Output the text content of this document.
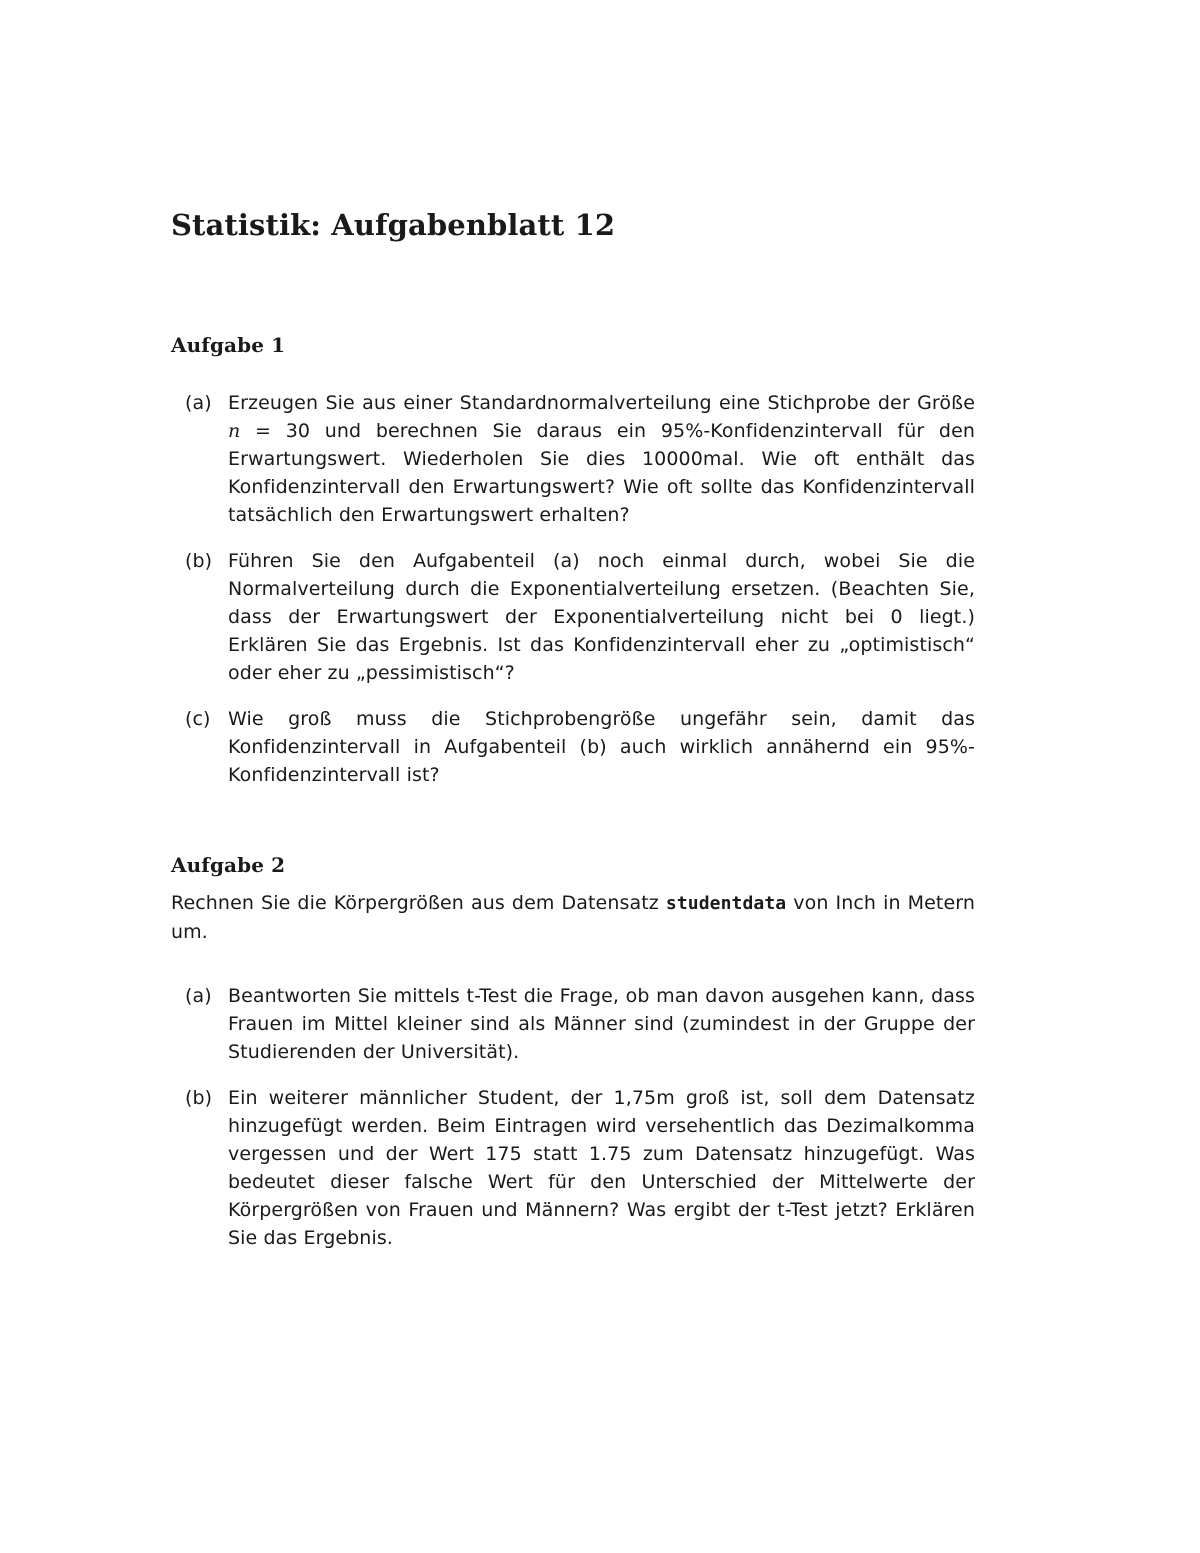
Statistik: Aufgabenblatt 12
Aufgabe 1
(a) Erzeugen Sie aus einer Standardnormalverteilung eine Stichprobe der Größe n = 30 und berechnen Sie daraus ein 95%-Konfidenzintervall für den Erwartungswert. Wiederholen Sie dies 10000mal. Wie oft enthält das Konfidenzintervall den Erwartungswert? Wie oft sollte das Konfidenzintervall tatsächlich den Erwartungswert erhalten?
(b) Führen Sie den Aufgabenteil (a) noch einmal durch, wobei Sie die Normalverteilung durch die Exponentialverteilung ersetzen. (Beachten Sie, dass der Erwartungswert der Exponentialverteilung nicht bei 0 liegt.) Erklären Sie das Ergebnis. Ist das Konfidenzintervall eher zu „optimistisch“ oder eher zu „pessimistisch“?
(c) Wie groß muss die Stichprobengröße ungefähr sein, damit das Konfidenzintervall in Aufgabenteil (b) auch wirklich annähernd ein 95%-Konfidenzintervall ist?
Aufgabe 2

Rechnen Sie die Körpergrößen aus dem Datensatz studentdata von Inch in Metern um.

(a) Beantworten Sie mittels t-Test die Frage, ob man davon ausgehen kann, dass Frauen im Mittel kleiner sind als Männer sind (zumindest in der Gruppe der Studierenden der Universität).
(b) Ein weiterer männlicher Student, der 1,75m groß ist, soll dem Datensatz hinzugefügt werden. Beim Eintragen wird versehentlich das Dezimalkomma vergessen und der Wert 175 statt 1.75 zum Datensatz hinzugefügt. Was bedeutet dieser falsche Wert für den Unterschied der Mittelwerte der Körpergrößen von Frauen und Männern? Was ergibt der t-Test jetzt? Erklären Sie das Ergebnis.
